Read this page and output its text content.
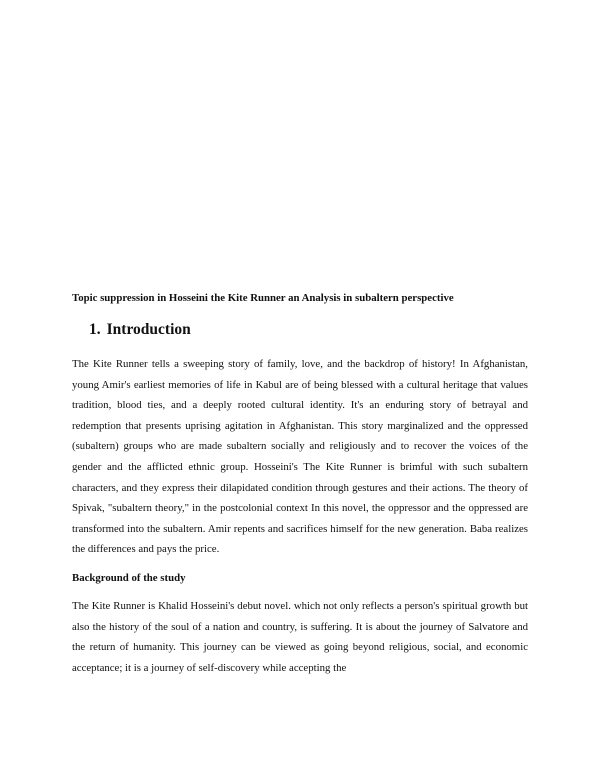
Topic suppression in Hosseini the Kite Runner an Analysis in subaltern perspective

1. Introduction

The Kite Runner tells a sweeping story of family, love, and the backdrop of history! In Afghanistan, young Amir's earliest memories of life in Kabul are of being blessed with a cultural heritage that values tradition, blood ties, and a deeply rooted cultural identity. It's an enduring story of betrayal and redemption that presents uprising agitation in Afghanistan. This story marginalized and the oppressed (subaltern) groups who are made subaltern socially and religiously and to recover the voices of the gender and the afflicted ethnic group. Hosseini's The Kite Runner is brimful with such subaltern characters, and they express their dilapidated condition through gestures and their actions. The theory of Spivak, "subaltern theory," in the postcolonial context In this novel, the oppressor and the oppressed are transformed into the subaltern. Amir repents and sacrifices himself for the new generation. Baba realizes the differences and pays the price.

Background of the study

The Kite Runner is Khalid Hosseini's debut novel. which not only reflects a person's spiritual growth but also the history of the soul of a nation and country, is suffering. It is about the journey of Salvatore and the return of humanity. This journey can be viewed as going beyond religious, social, and economic acceptance; it is a journey of self-discovery while accepting the
